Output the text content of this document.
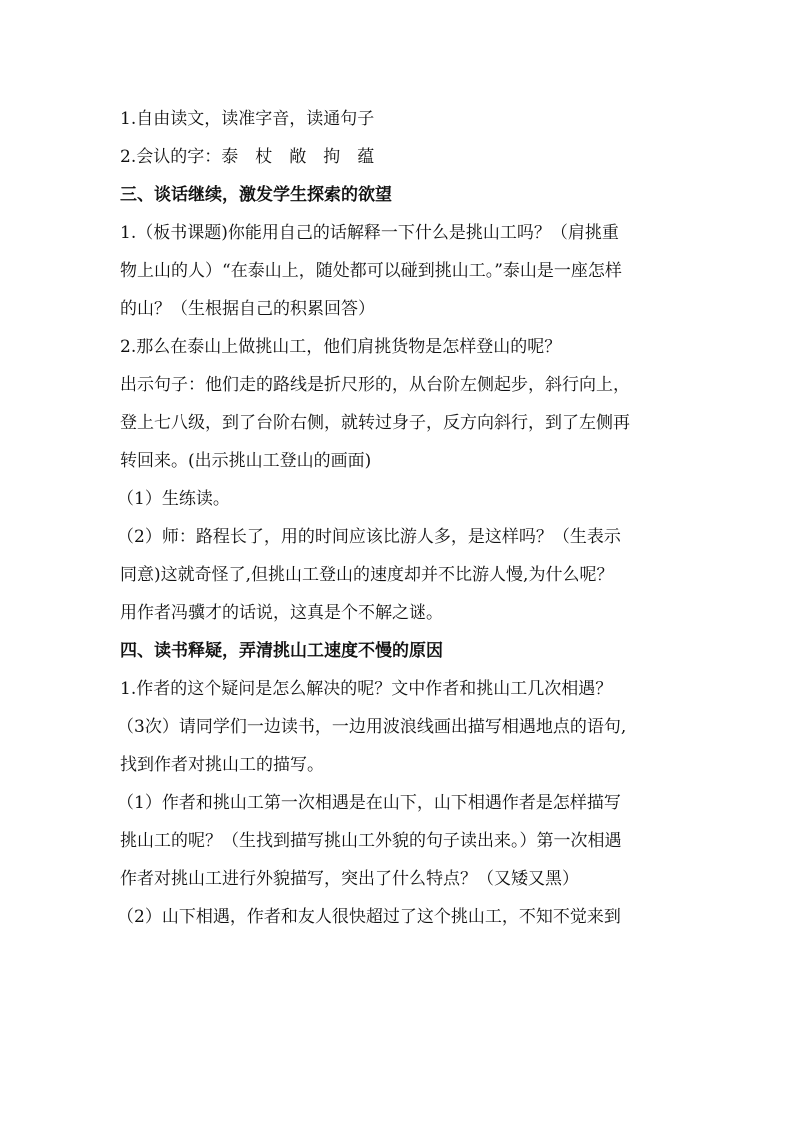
1.自由读文，读准字音，读通句子
2.会认的字：泰　杖　敞　拘　蕴
三、谈话继续，激发学生探索的欲望
1.（板书课题)你能用自己的话解释一下什么是挑山工吗？（肩挑重
物上山的人）“在泰山上，随处都可以碰到挑山工。”泰山是一座怎样
的山？（生根据自己的积累回答）
2.那么在泰山上做挑山工，他们肩挑货物是怎样登山的呢？
出示句子：他们走的路线是折尺形的，从台阶左侧起步，斜行向上，
登上七八级，到了台阶右侧，就转过身子，反方向斜行，到了左侧再
转回来。(出示挑山工登山的画面)
（1）生练读。
（2）师：路程长了，用的时间应该比游人多，是这样吗？（生表示
同意)这就奇怪了,但挑山工登山的速度却并不比游人慢,为什么呢？
用作者冯骥才的话说，这真是个不解之谜。
四、读书释疑，弄清挑山工速度不慢的原因
1.作者的这个疑问是怎么解决的呢？文中作者和挑山工几次相遇？
（3次）请同学们一边读书，一边用波浪线画出描写相遇地点的语句,
找到作者对挑山工的描写。
（1）作者和挑山工第一次相遇是在山下，山下相遇作者是怎样描写
挑山工的呢？（生找到描写挑山工外貌的句子读出来。）第一次相遇
作者对挑山工进行外貌描写，突出了什么特点？（又矮又黑）
（2）山下相遇，作者和友人很快超过了这个挑山工，不知不觉来到
